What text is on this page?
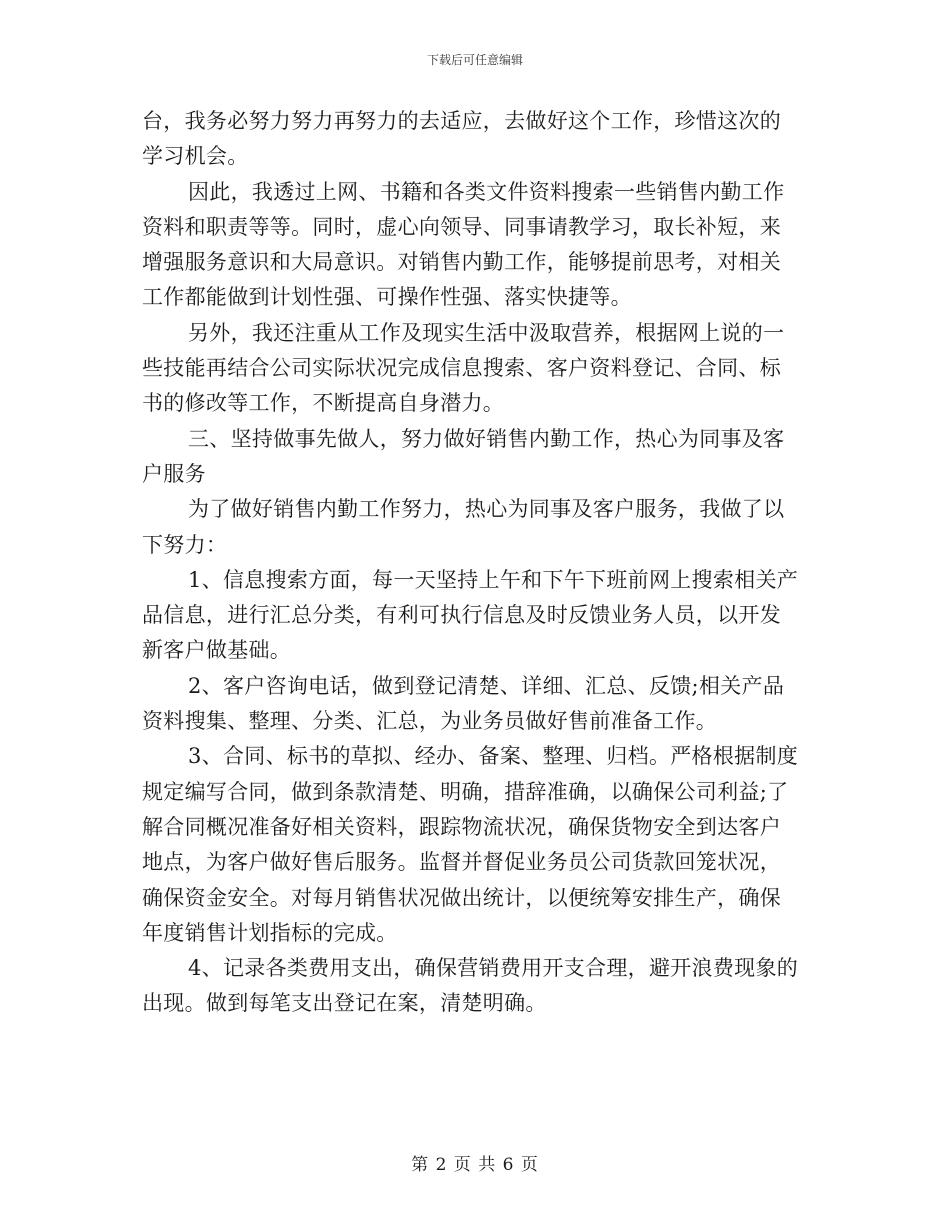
下载后可任意编辑

台，我务必努力努力再努力的去适应，去做好这个工作，珍惜这次的
学习机会。

因此，我透过上网、书籍和各类文件资料搜索一些销售内勤工作
资料和职责等等。同时，虚心向领导、同事请教学习，取长补短，来
增强服务意识和大局意识。对销售内勤工作，能够提前思考，对相关
工作都能做到计划性强、可操作性强、落实快捷等。

另外，我还注重从工作及现实生活中汲取营养，根据网上说的一
些技能再结合公司实际状况完成信息搜索、客户资料登记、合同、标
书的修改等工作，不断提高自身潜力。

三、坚持做事先做人，努力做好销售内勤工作，热心为同事及客
户服务

为了做好销售内勤工作努力，热心为同事及客户服务，我做了以
下努力：

1、信息搜索方面，每一天坚持上午和下午下班前网上搜索相关产
品信息，进行汇总分类，有利可执行信息及时反馈业务人员，以开发
新客户做基础。

2、客户咨询电话，做到登记清楚、详细、汇总、反馈;相关产品
资料搜集、整理、分类、汇总，为业务员做好售前准备工作。

3、合同、标书的草拟、经办、备案、整理、归档。严格根据制度
规定编写合同，做到条款清楚、明确，措辞准确，以确保公司利益;了
解合同概况准备好相关资料，跟踪物流状况，确保货物安全到达客户
地点，为客户做好售后服务。监督并督促业务员公司货款回笼状况，
确保资金安全。对每月销售状况做出统计，以便统筹安排生产，确保
年度销售计划指标的完成。

4、记录各类费用支出，确保营销费用开支合理，避开浪费现象的
出现。做到每笔支出登记在案，清楚明确。

第 2 页 共 6 页
